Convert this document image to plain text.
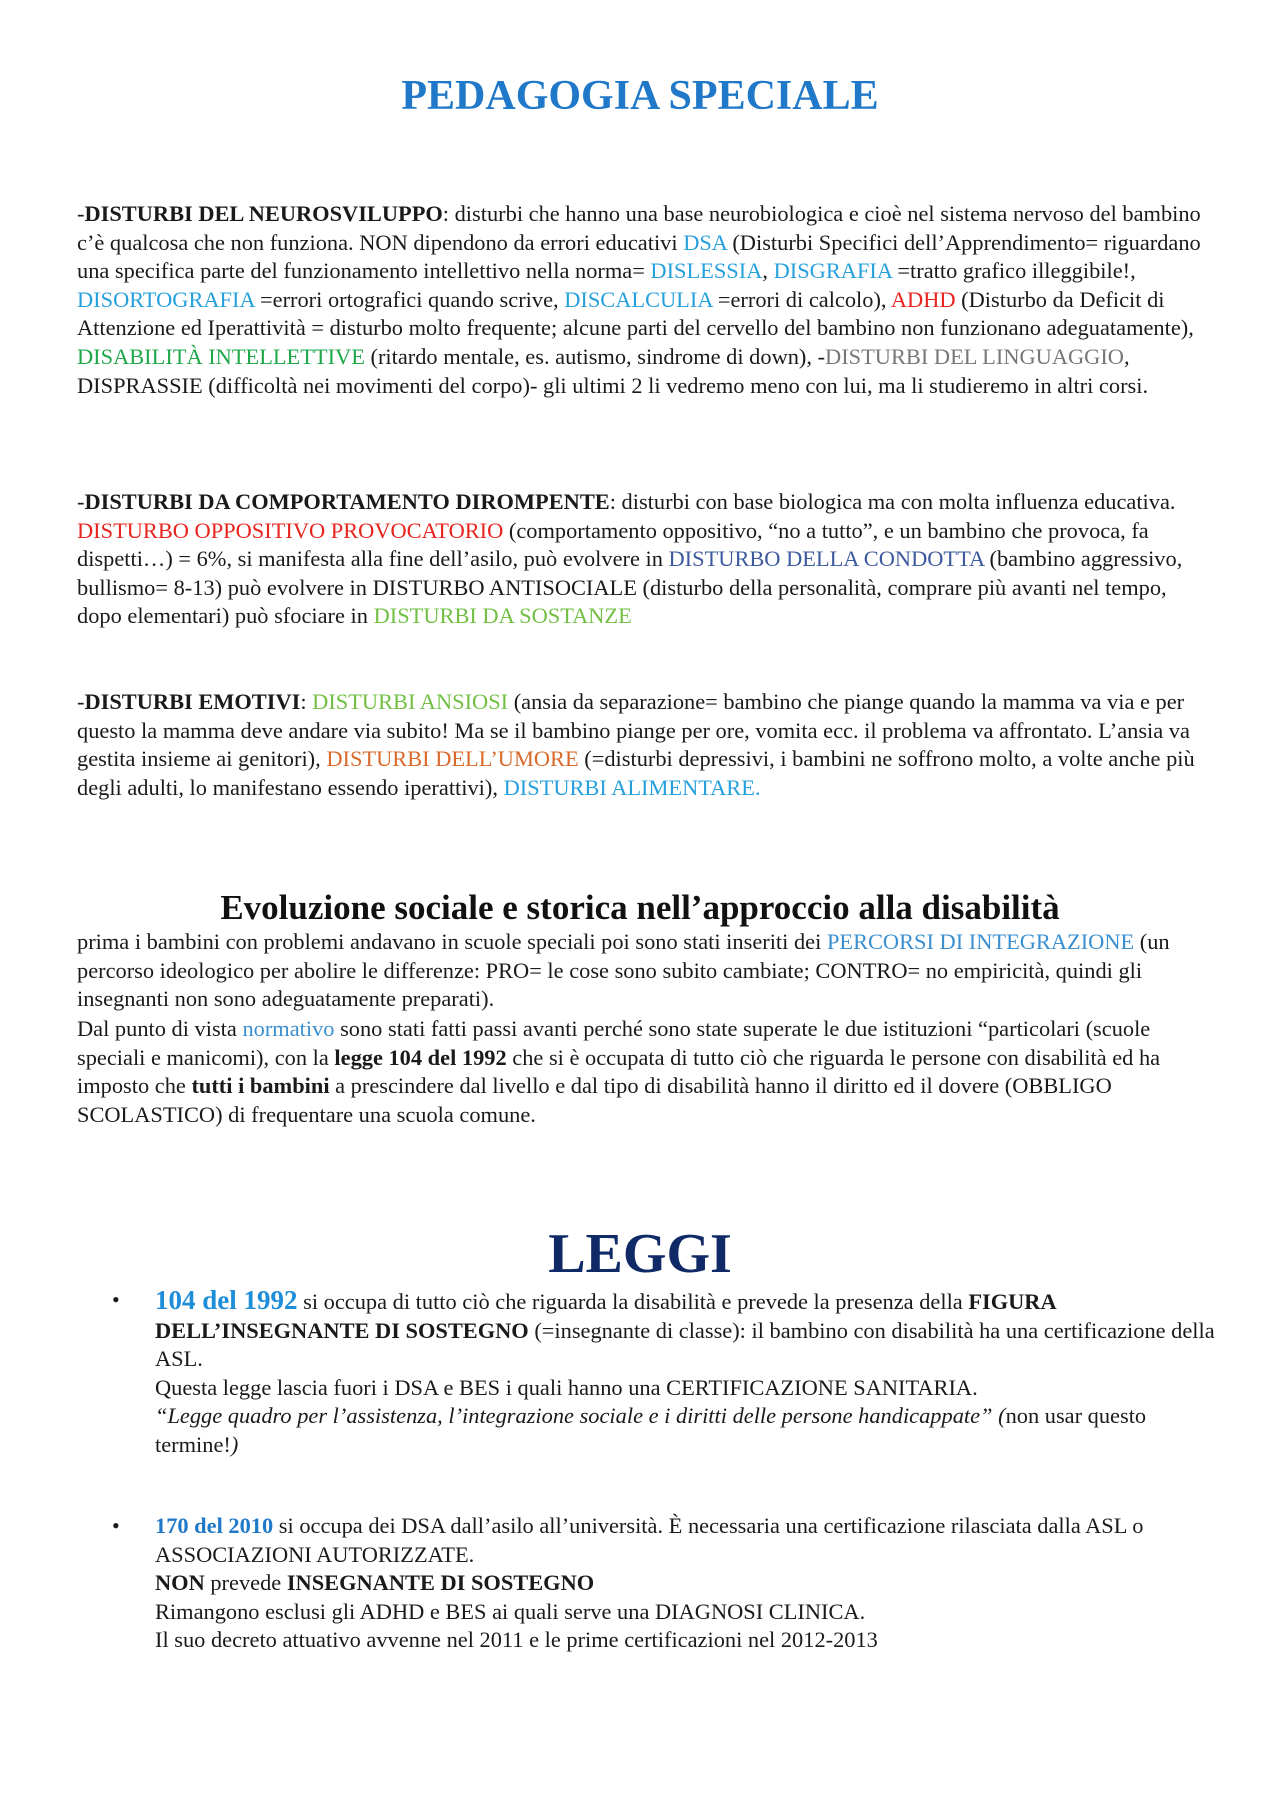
PEDAGOGIA SPECIALE

-DISTURBI DEL NEUROSVILUPPO: disturbi che hanno una base neurobiologica e cioè nel sistema nervoso del bambino c’è qualcosa che non funziona. NON dipendono da errori educativi DSA (Disturbi Specifici dell’Apprendimento= riguardano una specifica parte del funzionamento intellettivo nella norma= DISLESSIA, DISGRAFIA =tratto grafico illeggibile!, DISORTOGRAFIA =errori ortografici quando scrive, DISCALCULIA =errori di calcolo), ADHD (Disturbo da Deficit di Attenzione ed Iperattività = disturbo molto frequente; alcune parti del cervello del bambino non funzionano adeguatamente), DISABILITÀ INTELLETTIVE (ritardo mentale, es. autismo, sindrome di down), -DISTURBI DEL LINGUAGGIO, DISPRASSIE (difficoltà nei movimenti del corpo)- gli ultimi 2 li vedremo meno con lui, ma li studieremo in altri corsi.

-DISTURBI DA COMPORTAMENTO DIROMPENTE: disturbi con base biologica ma con molta influenza educativa. DISTURBO OPPOSITIVO PROVOCATORIO (comportamento oppositivo, “no a tutto”, e un bambino che provoca, fa dispetti…) = 6%, si manifesta alla fine dell’asilo, può evolvere in DISTURBO DELLA CONDOTTA (bambino aggressivo, bullismo= 8-13) può evolvere in DISTURBO ANTISOCIALE (disturbo della personalità, comprare più avanti nel tempo, dopo elementari) può sfociare in DISTURBI DA SOSTANZE

-DISTURBI EMOTIVI: DISTURBI ANSIOSI (ansia da separazione= bambino che piange quando la mamma va via e per questo la mamma deve andare via subito! Ma se il bambino piange per ore, vomita ecc. il problema va affrontato. L’ansia va gestita insieme ai genitori), DISTURBI DELL’UMORE (=disturbi depressivi, i bambini ne soffrono molto, a volte anche più degli adulti, lo manifestano essendo iperattivi), DISTURBI ALIMENTARE.

Evoluzione sociale e storica nell’approccio alla disabilità

prima i bambini con problemi andavano in scuole speciali poi sono stati inseriti dei PERCORSI DI INTEGRAZIONE (un percorso ideologico per abolire le differenze: PRO= le cose sono subito cambiate; CONTRO= no empiricità, quindi gli insegnanti non sono adeguatamente preparati).

Dal punto di vista normativo sono stati fatti passi avanti perché sono state superate le due istituzioni “particolari (scuole speciali e manicomi), con la legge 104 del 1992 che si è occupata di tutto ciò che riguarda le persone con disabilità ed ha imposto che tutti i bambini a prescindere dal livello e dal tipo di disabilità hanno il diritto ed il dovere (OBBLIGO SCOLASTICO) di frequentare una scuola comune.

LEGGI
• 104 del 1992 si occupa di tutto ciò che riguarda la disabilità e prevede la presenza della FIGURA DELL’INSEGNANTE DI SOSTEGNO (=insegnante di classe): il bambino con disabilità ha una certificazione della ASL.
Questa legge lascia fuori i DSA e BES i quali hanno una CERTIFICAZIONE SANITARIA.
“Legge quadro per l’assistenza, l’integrazione sociale e i diritti delle persone handicappate” (non usar questo termine!)
• 170 del 2010 si occupa dei DSA dall’asilo all’università. È necessaria una certificazione rilasciata dalla ASL o ASSOCIAZIONI AUTORIZZATE.
NON prevede INSEGNANTE DI SOSTEGNO
Rimangono esclusi gli ADHD e BES ai quali serve una DIAGNOSI CLINICA.
Il suo decreto attuativo avvenne nel 2011 e le prime certificazioni nel 2012-2013
